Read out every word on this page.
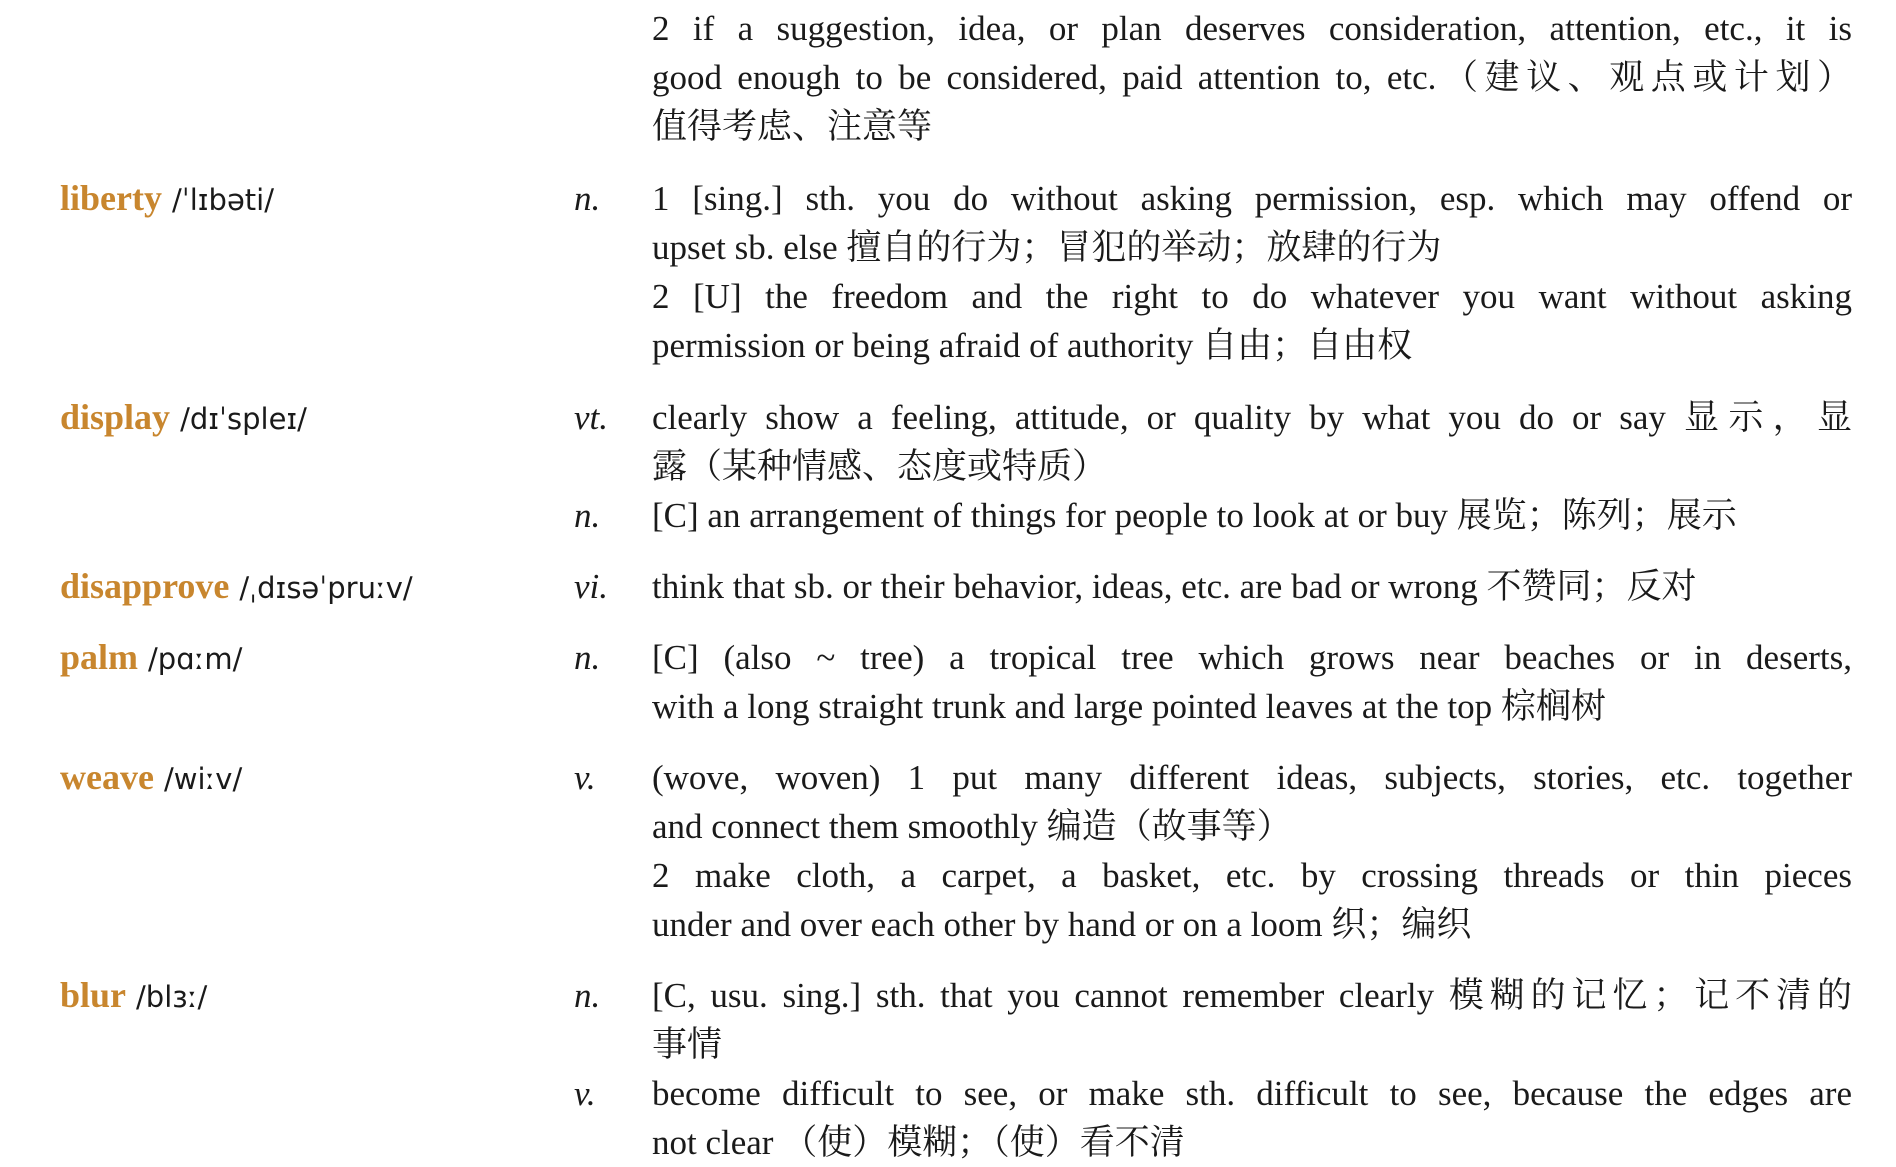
2 if a suggestion, idea, or plan deserves consideration, attention, etc., it is
good enough to be considered, paid attention to, etc.（建议、观点或计划）
值得考虑、注意等
liberty /ˈlɪbəti/	n.	1 [sing.] sth. you do without asking permission, esp. which may offend or
upset sb. else 擅自的行为；冒犯的举动；放肆的行为
2 [U] the freedom and the right to do whatever you want without asking
permission or being afraid of authority 自由；自由权
display /dɪˈspleɪ/	vt.	clearly show a feeling, attitude, or quality by what you do or say 显示，显
露（某种情感、态度或特质）
n.	[C] an arrangement of things for people to look at or buy 展览；陈列；展示
disapprove /ˌdɪsəˈpruːv/	vi.	think that sb. or their behavior, ideas, etc. are bad or wrong 不赞同；反对
palm /pɑːm/	n.	[C] (also ~ tree) a tropical tree which grows near beaches or in deserts,
with a long straight trunk and large pointed leaves at the top 棕榈树
weave /wiːv/	v.	(wove, woven) 1 put many different ideas, subjects, stories, etc. together
and connect them smoothly 编造（故事等）
2 make cloth, a carpet, a basket, etc. by crossing threads or thin pieces
under and over each other by hand or on a loom 织；编织
blur /blɜː/	n.	[C, usu. sing.] sth. that you cannot remember clearly 模糊的记忆；记不清的
事情
v.	become difficult to see, or make sth. difficult to see, because the edges are
not clear （使）模糊；（使）看不清
